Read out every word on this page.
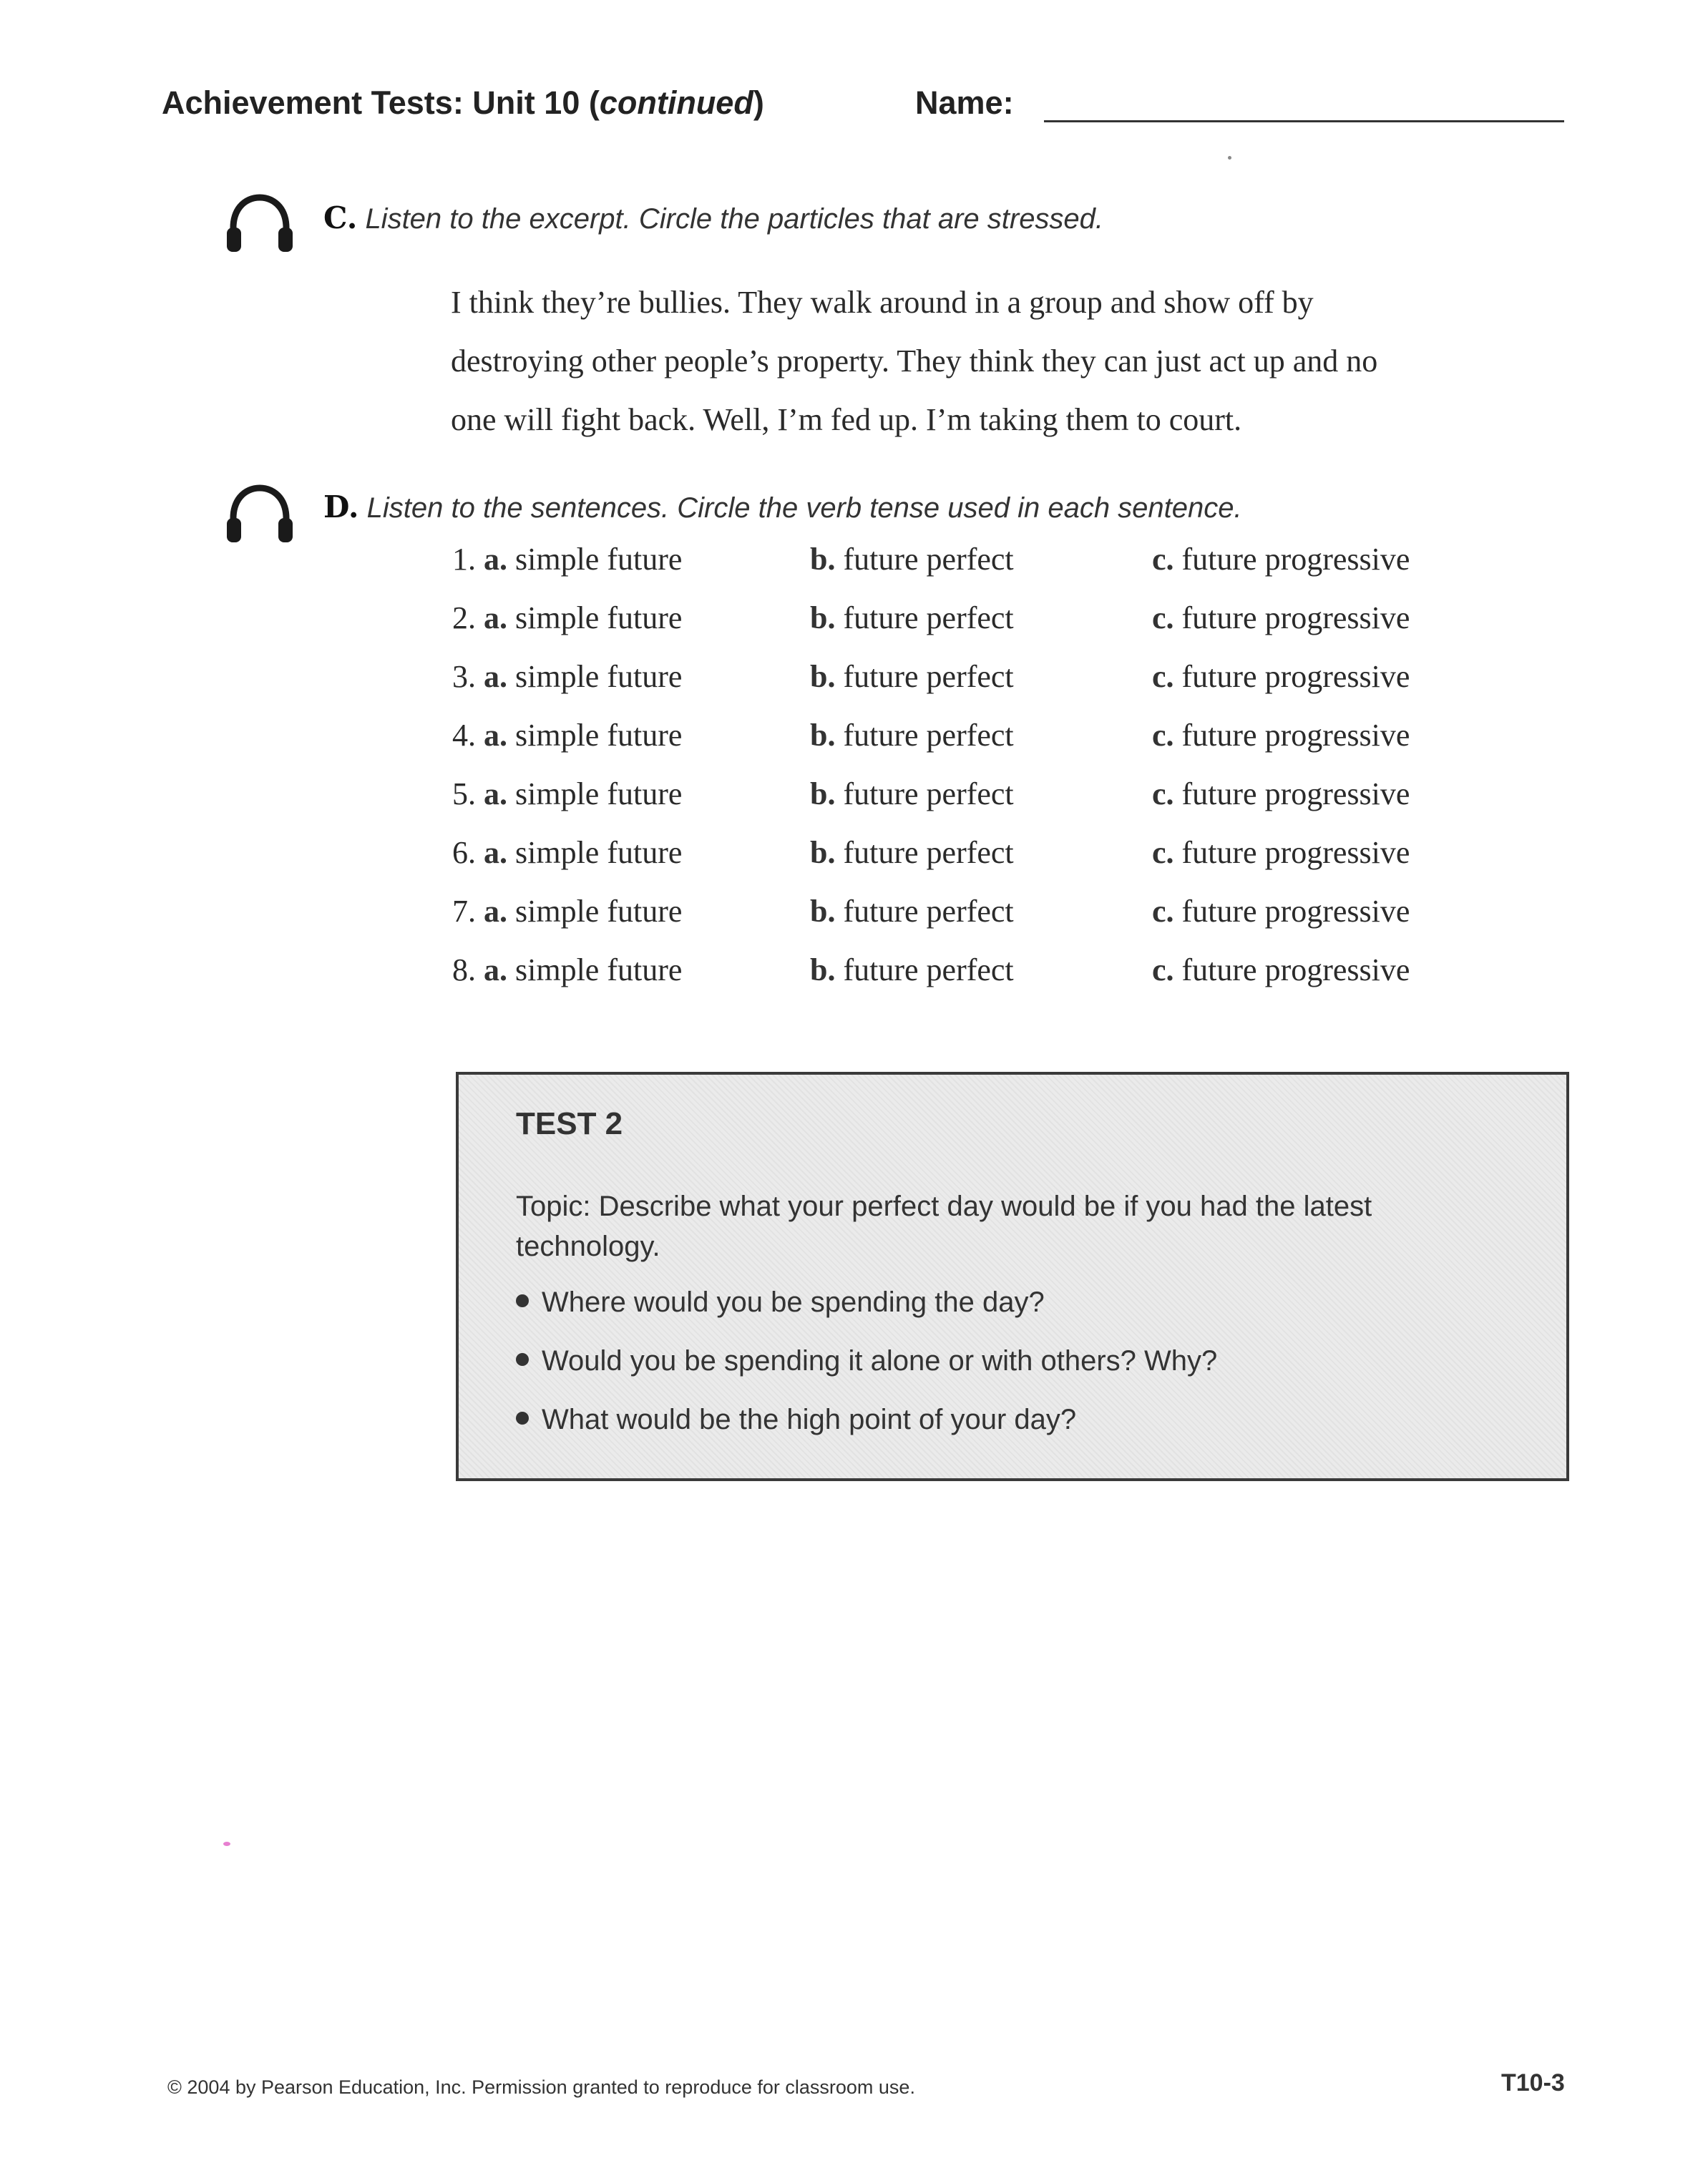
Achievement Tests: Unit 10 (continued)	Name:
C. Listen to the excerpt. Circle the particles that are stressed.

I think they’re bullies. They walk around in a group and show off by

destroying other people’s property. They think they can just act up and no

one will fight back. Well, I’m fed up. I’m taking them to court.

D. Listen to the sentences. Circle the verb tense used in each sentence.
1. a. simple future	b. future perfect	c. future progressive
2. a. simple future	b. future perfect	c. future progressive
3. a. simple future	b. future perfect	c. future progressive
4. a. simple future	b. future perfect	c. future progressive
5. a. simple future	b. future perfect	c. future progressive
6. a. simple future	b. future perfect	c. future progressive
7. a. simple future	b. future perfect	c. future progressive
8. a. simple future	b. future perfect	c. future progressive
TEST 2
Topic: Describe what your perfect day would be if you had the latest technology.
Where would you be spending the day?
Would you be spending it alone or with others? Why?
What would be the high point of your day?
© 2004 by Pearson Education, Inc. Permission granted to reproduce for classroom use.	T10-3
